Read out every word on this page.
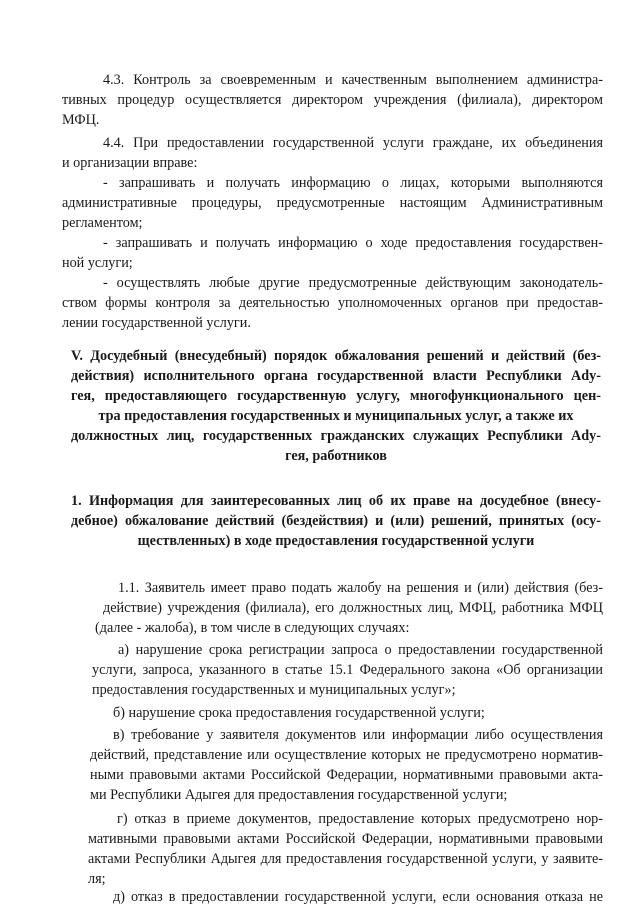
4.3. Контроль за своевременным и качественным выполнением администра-
тивных процедур осуществляется директором учреждения (филиала), директором
МФЦ.
4.4. При предоставлении государственной услуги граждане, их объединения
и организации вправе:
- запрашивать и получать информацию о лицах, которыми выполняются
административные процедуры, предусмотренные настоящим Административным
регламентом;
- запрашивать и получать информацию о ходе предоставления государствен-
ной услуги;
- осуществлять любые другие предусмотренные действующим законодатель-
ством формы контроля за деятельностью уполномоченных органов при предостав-
лении государственной услуги.
V. Досудебный (внесудебный) порядок обжалования решений и действий (без-
действия) исполнительного органа государственной власти Республики Ady-
гея, предоставляющего государственную услугу, многофункционального цен-
тра предоставления государственных и муниципальных услуг, а также их
должностных лиц, государственных гражданских служащих Республики Ady-
гея, работников
1. Информация для заинтересованных лиц об их праве на досудебное (внесу-
дебное) обжалование действий (бездействия) и (или) решений, принятых (осу-
ществленных) в ходе предоставления государственной услуги
1.1. Заявитель имеет право подать жалобу на решения и (или) действия (без-
действие) учреждения (филиала), его должностных лиц, МФЦ, работника МФЦ
(далее - жалоба), в том числе в следующих случаях:
а) нарушение срока регистрации запроса о предоставлении государственной
услуги, запроса, указанного в статье 15.1 Федерального закона «Об организации
предоставления государственных и муниципальных услуг»;
б) нарушение срока предоставления государственной услуги;
в) требование у заявителя документов или информации либо осуществления
действий, представление или осуществление которых не предусмотрено норматив-
ными правовыми актами Российской Федерации, нормативными правовыми акта-
ми Республики Адыгея для предоставления государственной услуги;
г) отказ в приеме документов, предоставление которых предусмотрено нор-
мативными правовыми актами Российской Федерации, нормативными правовыми
актами Республики Адыгея для предоставления государственной услуги, у заявите-
ля;
д) отказ в предоставлении государственной услуги, если основания отказа не
